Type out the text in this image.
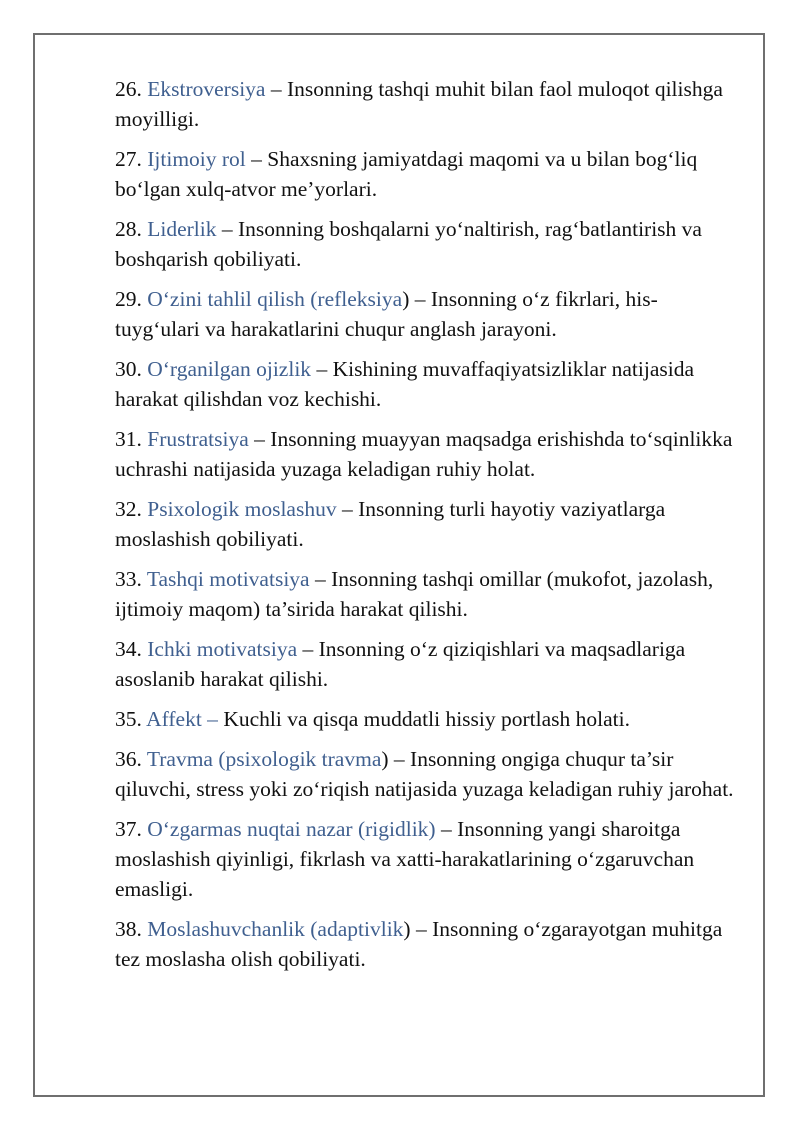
26. Ekstroversiya – Insonning tashqi muhit bilan faol muloqot qilishga moyilligi.
27. Ijtimoiy rol – Shaxsning jamiyatdagi maqomi va u bilan bog‘liq bo‘lgan xulq-atvor me’yorlari.
28. Liderlik – Insonning boshqalarni yo‘naltirish, rag‘batlantirish va boshqarish qobiliyati.
29. O‘zini tahlil qilish (refleksiya) – Insonning o‘z fikrlari, his-tuyg‘ulari va harakatlarini chuqur anglash jarayoni.
30. O‘rganilgan ojizlik – Kishining muvaffaqiyatsizliklar natijasida harakat qilishdan voz kechishi.
31. Frustratsiya – Insonning muayyan maqsadga erishishda to‘sqinlikka uchrashi natijasida yuzaga keladigan ruhiy holat.
32. Psixologik moslashuv – Insonning turli hayotiy vaziyatlarga moslashish qobiliyati.
33. Tashqi motivatsiya – Insonning tashqi omillar (mukofot, jazolash, ijtimoiy maqom) ta’sirida harakat qilishi.
34. Ichki motivatsiya – Insonning o‘z qiziqishlari va maqsadlariga asoslanib harakat qilishi.
35. Affekt – Kuchli va qisqa muddatli hissiy portlash holati.
36. Travma (psixologik travma) – Insonning ongiga chuqur ta’sir qiluvchi, stress yoki zo‘riqish natijasida yuzaga keladigan ruhiy jarohat.
37. O‘zgarmas nuqtai nazar (rigidlik) – Insonning yangi sharoitga moslashish qiyinligi, fikrlash va xatti-harakatlarining o‘zgaruvchan emasligi.
38. Moslashuvchanlik (adaptivlik) – Insonning o‘zgarayotgan muhitga tez moslasha olish qobiliyati.
